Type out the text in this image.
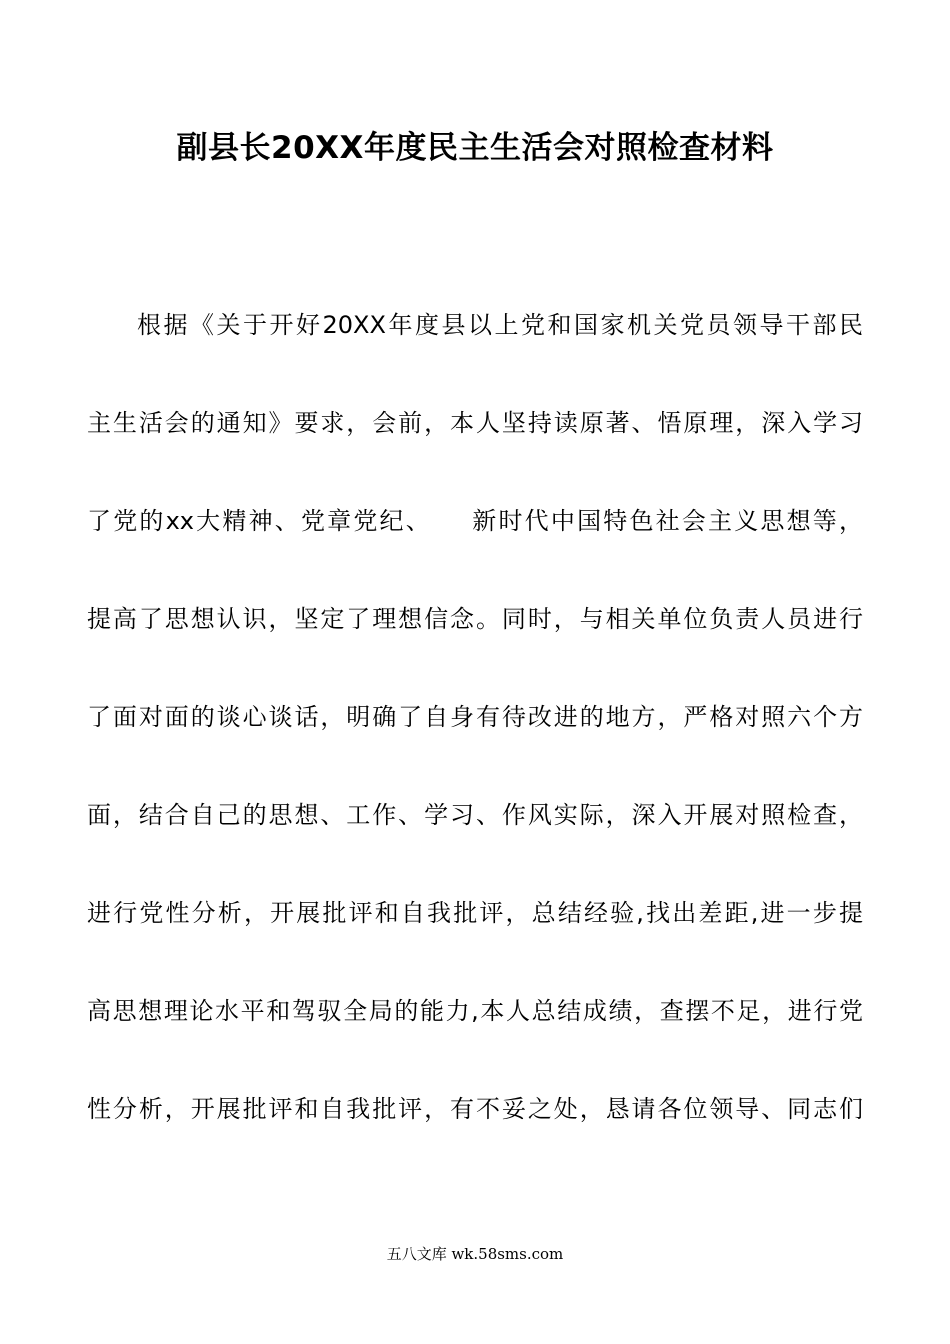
副县长20XX年度民主生活会对照检查材料
根据《关于开好20XX年度县以上党和国家机关党员领导干部民
主生活会的通知》要求，会前，本人坚持读原著、悟原理，深入学习
了党的xx大精神、党章党纪、　　新时代中国特色社会主义思想等，
提高了思想认识，坚定了理想信念。同时，与相关单位负责人员进行
了面对面的谈心谈话，明确了自身有待改进的地方，严格对照六个方
面，结合自己的思想、工作、学习、作风实际，深入开展对照检查，
进行党性分析，开展批评和自我批评，总结经验,找出差距,进一步提
高思想理论水平和驾驭全局的能力,本人总结成绩，查摆不足，进行党
性分析，开展批评和自我批评，有不妥之处，恳请各位领导、同志们
五八文库 wk.58sms.com
